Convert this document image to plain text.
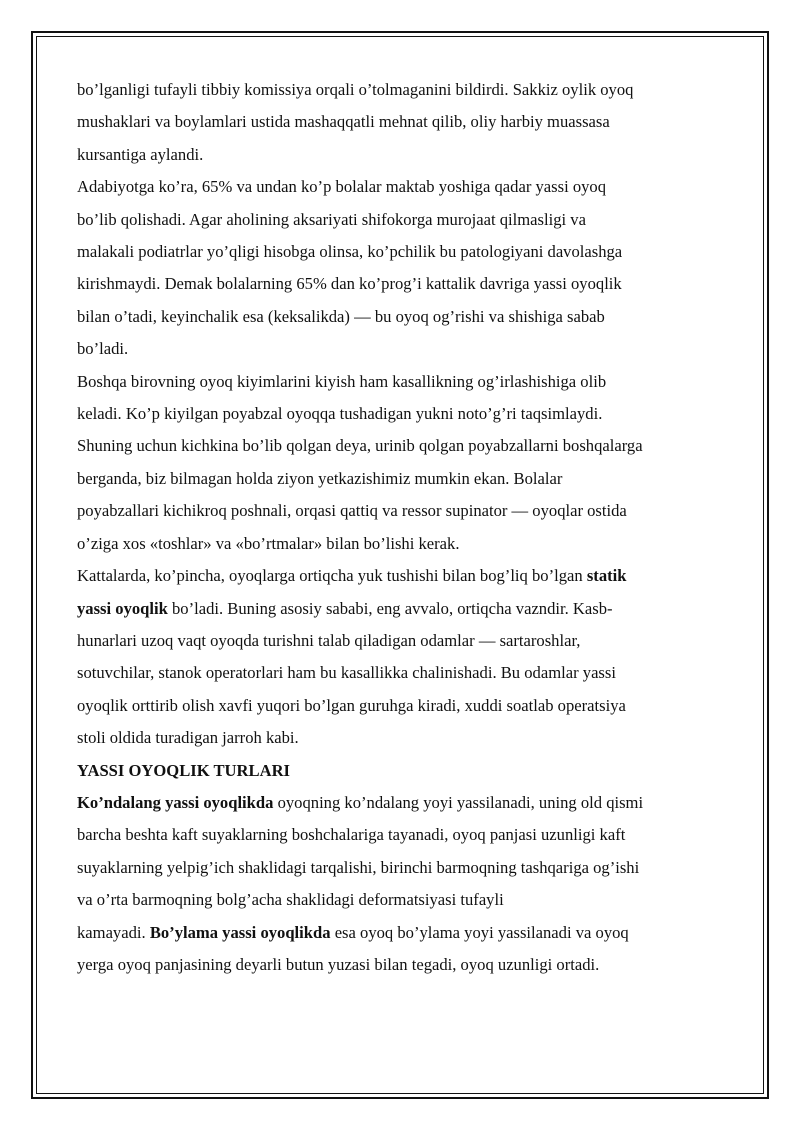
bo’lganligi tufayli tibbiy komissiya orqali o’tolmaganini bildirdi. Sakkiz oylik oyoq
mushaklari va boylamlari ustida mashaqqatli mehnat qilib, oliy harbiy muassasa
kursantiga aylandi.

Adabiyotga ko’ra, 65% va undan ko’p bolalar maktab yoshiga qadar yassi oyoq
bo’lib qolishadi. Agar aholining aksariyati shifokorga murojaat qilmasligi va
malakali podiatrlar yo’qligi hisobga olinsa, ko’pchilik bu patologiyani davolashga
kirishmaydi. Demak bolalarning 65% dan ko’prog’i kattalik davriga yassi oyoqlik
bilan o’tadi, keyinchalik esa (keksalikda) — bu oyoq og’rishi va shishiga sabab
bo’ladi.

Boshqa birovning oyoq kiyimlarini kiyish ham kasallikning og’irlashishiga olib
keladi. Ko’p kiyilgan poyabzal oyoqqa tushadigan yukni noto’g’ri taqsimlaydi.
Shuning uchun kichkina bo’lib qolgan deya, urinib qolgan poyabzallarni boshqalarga
berganda, biz bilmagan holda ziyon yetkazishimiz mumkin ekan. Bolalar
poyabzallari kichikroq poshnali, orqasi qattiq va ressor supinator — oyoqlar ostida
o’ziga xos «toshlar» va «bo’rtmalar» bilan bo’lishi kerak.

Kattalarda, ko’pincha, oyoqlarga ortiqcha yuk tushishi bilan bog’liq bo’lgan statik
yassi oyoqlik bo’ladi. Buning asosiy sababi, eng avvalo, ortiqcha vazndir. Kasb-
hunarlari uzoq vaqt oyoqda turishni talab qiladigan odamlar — sartaroshlar,
sotuvchilar, stanok operatorlari ham bu kasallikka chalinishadi. Bu odamlar yassi
oyoqlik orttirib olish xavfi yuqori bo’lgan guruhga kiradi, xuddi soatlab operatsiya
stoli oldida turadigan jarroh kabi.

YASSI OYOQLIK TURLARI

Ko’ndalang yassi oyoqlikda oyoqning ko’ndalang yoyi yassilanadi, uning old qismi
barcha beshta kaft suyaklarning boshchalariga tayanadi, oyoq panjasi uzunligi kaft
suyaklarning yelpig’ich shaklidagi tarqalishi, birinchi barmoqning tashqariga og’ishi
va o’rta barmoqning bolg’acha shaklidagi deformatsiyasi tufayli
kamayadi. Bo’ylama yassi oyoqlikda esa oyoq bo’ylama yoyi yassilanadi va oyoq
yerga oyoq panjasining deyarli butun yuzasi bilan tegadi, oyoq uzunligi ortadi.
